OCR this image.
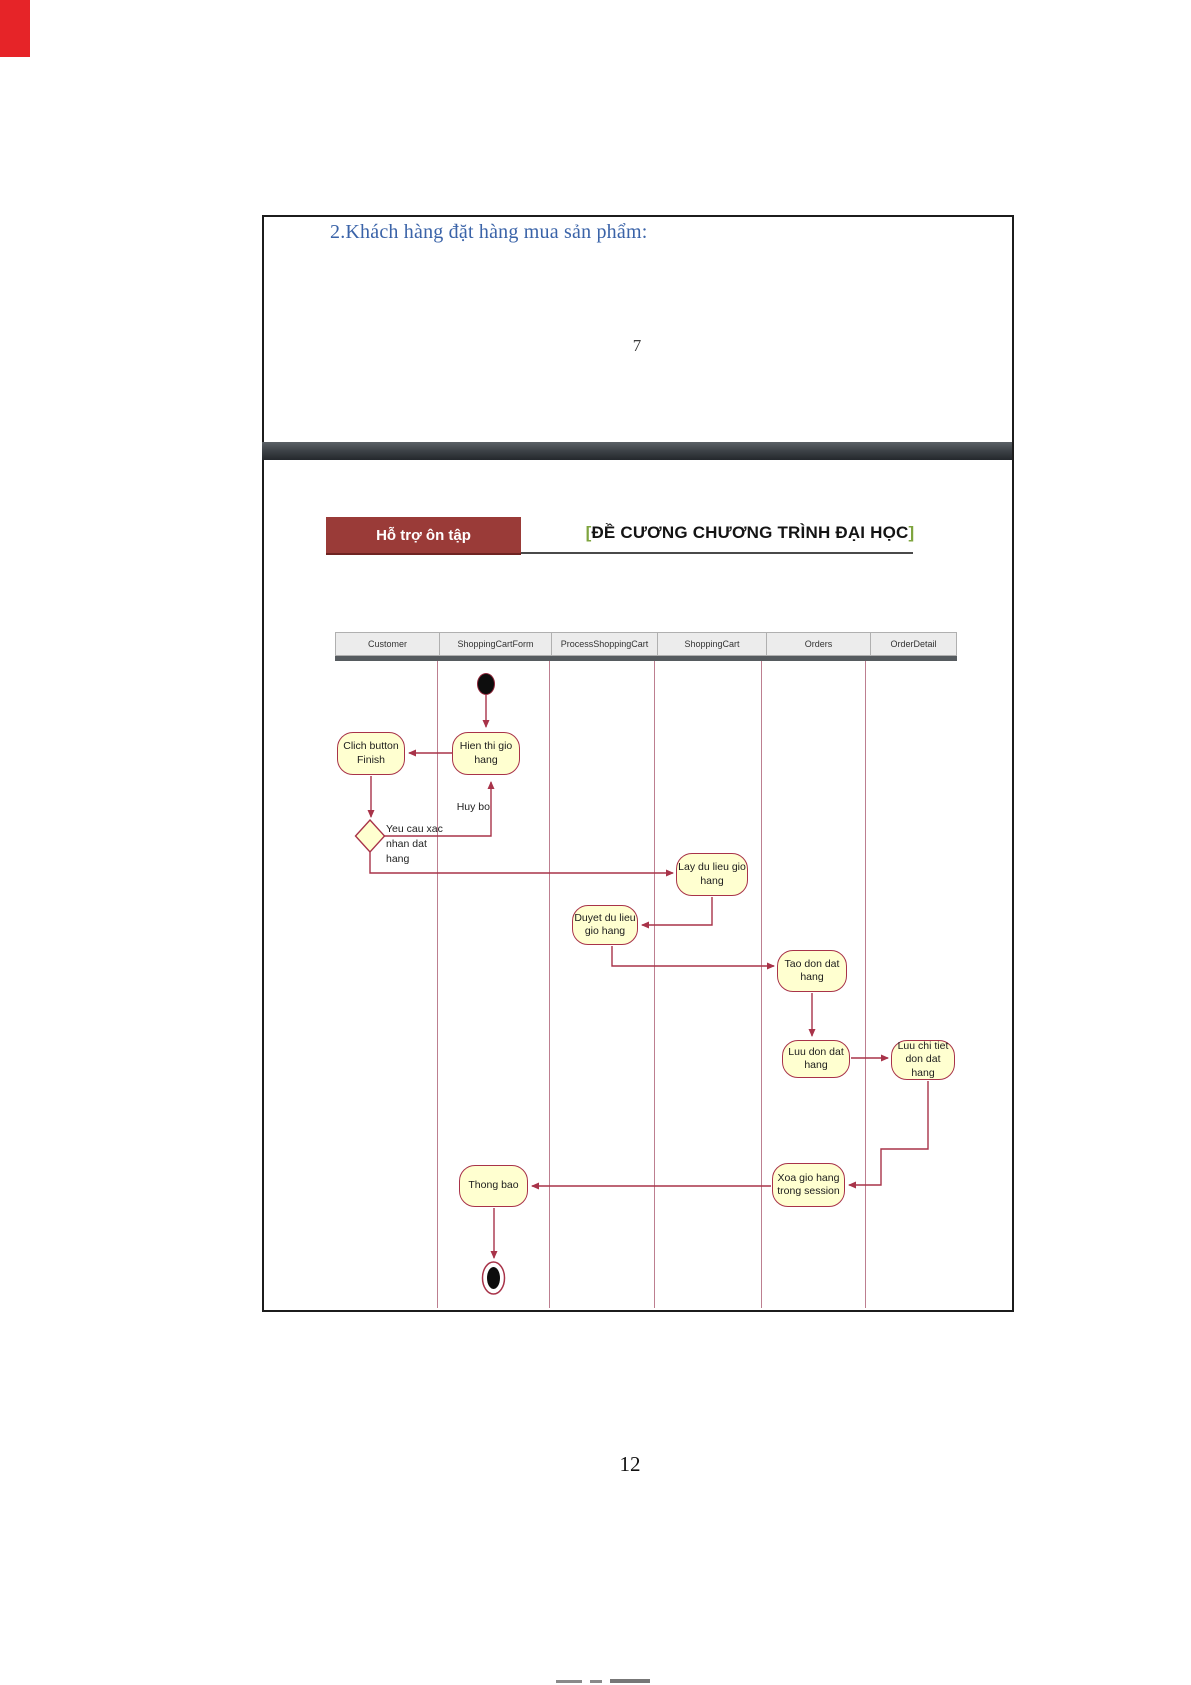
2.Khách hàng đặt hàng mua sản phẩm:
7
Hỗ trợ ôn tập	[ĐỀ CƯƠNG CHƯƠNG TRÌNH ĐẠI HỌC]
Customer	ShoppingCartForm	ProcessShoppingCart	ShoppingCart	Orders	OrderDetail
Clich button Finish
Hien thi gio hang
Lay du lieu gio hang
Duyet du lieu gio hang
Tao don dat hang
Luu don dat hang
Luu chi tiet don dat hang
Thong bao
Xoa gio hang trong session
Huy bo
Yeu cau xac nhan dat hang
12
